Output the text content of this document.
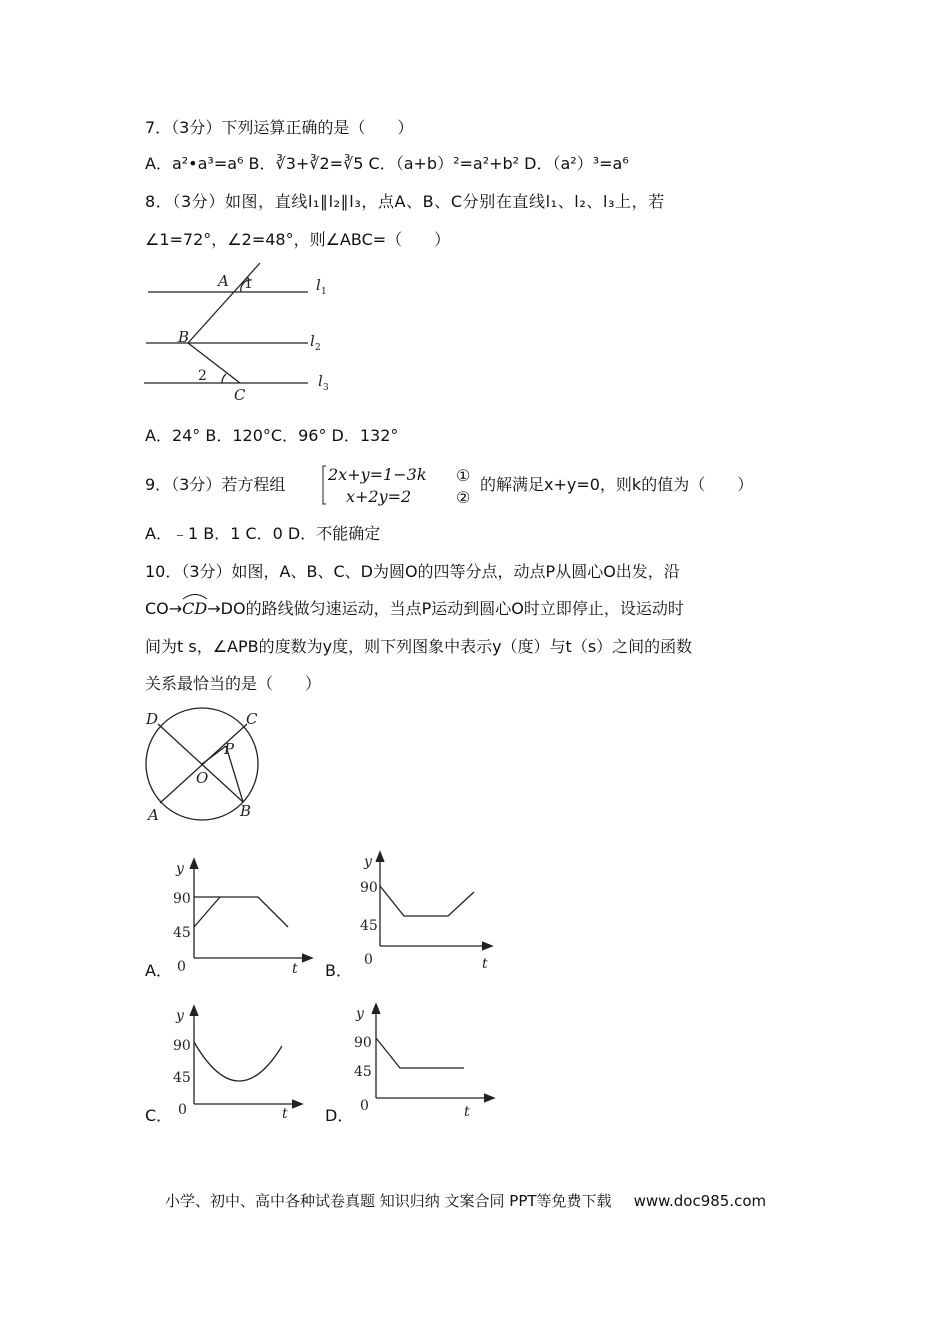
7．（3分）下列运算正确的是（　　）
A．a²•a³=a⁶ B．∛3+∛2=∛5 C．（a+b）²=a²+b² D．（a²）³=a⁶
8．（3分）如图，直线l₁∥l₂∥l₃，点A、B、C分别在直线l₁、l₂、l₃上，若
∠1=72°，∠2=48°，则∠ABC=（　　）
A
B
C
1
2
l 1
l 2
l 3
A．24° B．120°C．96° D．132°
9．（3分）若方程组
2x+y=1−3k
x+2y=2
①
②
的解满足x+y=0，则k的值为（　　）
A．﹣1 B．1 C．0 D．不能确定
10．（3分）如图，A、B、C、D为圆O的四等分点，动点P从圆心O出发，沿
CO→
CD→DO的路线做匀速运动，当点P运动到圆心O时立即停止，设运动时
间为t s，∠APB的度数为y度，则下列图象中表示y（度）与t（s）之间的函数
关系最恰当的是（　　）
D	C
P
O
A	B
A．
y
90
45
0	t B．
y
90
45
0	t
C．
y
90
45
0	t D．
y
90
45
0	t
小学、初中、高中各种试卷真题 知识归纳 文案合同 PPT等免费下载 www.doc985.com
